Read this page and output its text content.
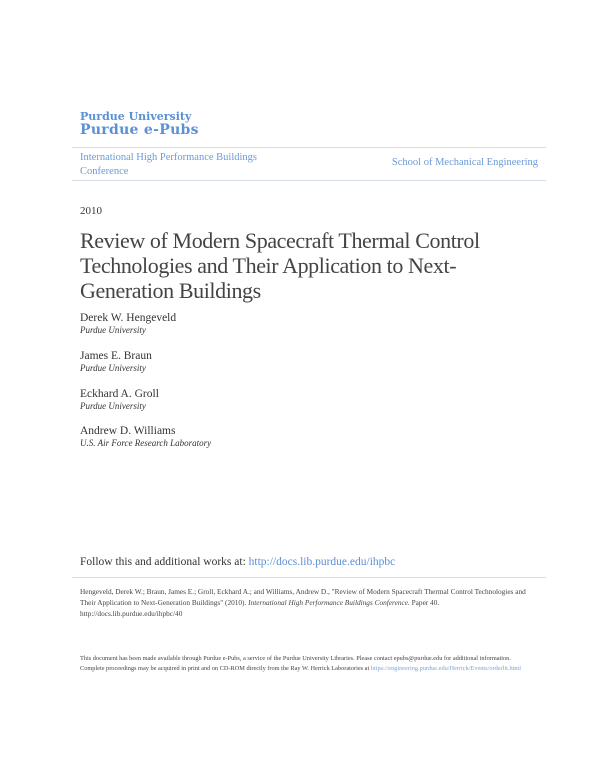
Purdue University
Purdue e-Pubs
International High Performance Buildings Conference
School of Mechanical Engineering
2010
Review of Modern Spacecraft Thermal Control Technologies and Their Application to Next-Generation Buildings
Derek W. Hengeveld
Purdue University
James E. Braun
Purdue University
Eckhard A. Groll
Purdue University
Andrew D. Williams
U.S. Air Force Research Laboratory
Follow this and additional works at: http://docs.lib.purdue.edu/ihpbc
Hengeveld, Derek W.; Braun, James E.; Groll, Eckhard A.; and Williams, Andrew D., "Review of Modern Spacecraft Thermal Control Technologies and Their Application to Next-Generation Buildings" (2010). International High Performance Buildings Conference. Paper 40.
http://docs.lib.purdue.edu/ihpbc/40
This document has been made available through Purdue e-Pubs, a service of the Purdue University Libraries. Please contact epubs@purdue.edu for additional information.
Complete proceedings may be acquired in print and on CD-ROM directly from the Ray W. Herrick Laboratories at https://engineering.purdue.edu/Herrick/Events/orderlit.html
